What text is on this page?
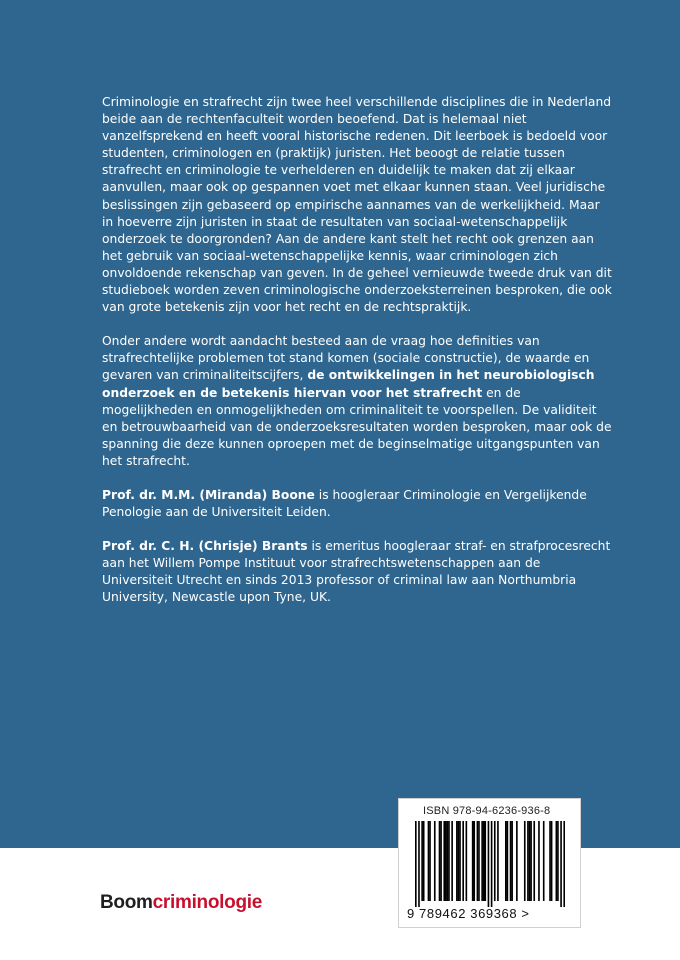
Criminologie en strafrecht zijn twee heel verschillende disciplines die in Nederland beide aan de rechtenfaculteit worden beoefend. Dat is helemaal niet vanzelfsprekend en heeft vooral historische redenen. Dit leerboek is bedoeld voor studenten, criminologen en (praktijk) juristen. Het beoogt de relatie tussen strafrecht en criminologie te verhelderen en duidelijk te maken dat zij elkaar aanvullen, maar ook op gespannen voet met elkaar kunnen staan. Veel juridische beslissingen zijn gebaseerd op empirische aannames van de werkelijkheid. Maar in hoeverre zijn juristen in staat de resultaten van sociaal-wetenschappelijk onderzoek te doorgronden? Aan de andere kant stelt het recht ook grenzen aan het gebruik van sociaal-wetenschappelijke kennis, waar criminologen zich onvoldoende rekenschap van geven. In de geheel vernieuwde tweede druk van dit studieboek worden zeven criminologische onderzoeksterreinen besproken, die ook van grote betekenis zijn voor het recht en de rechtspraktijk.

Onder andere wordt aandacht besteed aan de vraag hoe definities van strafrechtelijke problemen tot stand komen (sociale constructie), de waarde en gevaren van criminaliteitscijfers, de ontwikkelingen in het neurobiologisch onderzoek en de betekenis hiervan voor het strafrecht en de mogelijkheden en onmogelijkheden om criminaliteit te voorspellen. De validiteit en betrouwbaarheid van de onderzoeksresultaten worden besproken, maar ook de spanning die deze kunnen oproepen met de beginselmatige uitgangspunten van het strafrecht.

Prof. dr. M.M. (Miranda) Boone is hoogleraar Criminologie en Vergelijkende Penologie aan de Universiteit Leiden.

Prof. dr. C. H. (Chrisje) Brants is emeritus hoogleraar straf- en strafprocesrecht aan het Willem Pompe Instituut voor strafrechtswetenschappen aan de Universiteit Utrecht en sinds 2013 professor of criminal law aan Northumbria University, Newcastle upon Tyne, UK.

Boomcriminologie
ISBN 978-94-6236-936-8
9 789462 369368 >
